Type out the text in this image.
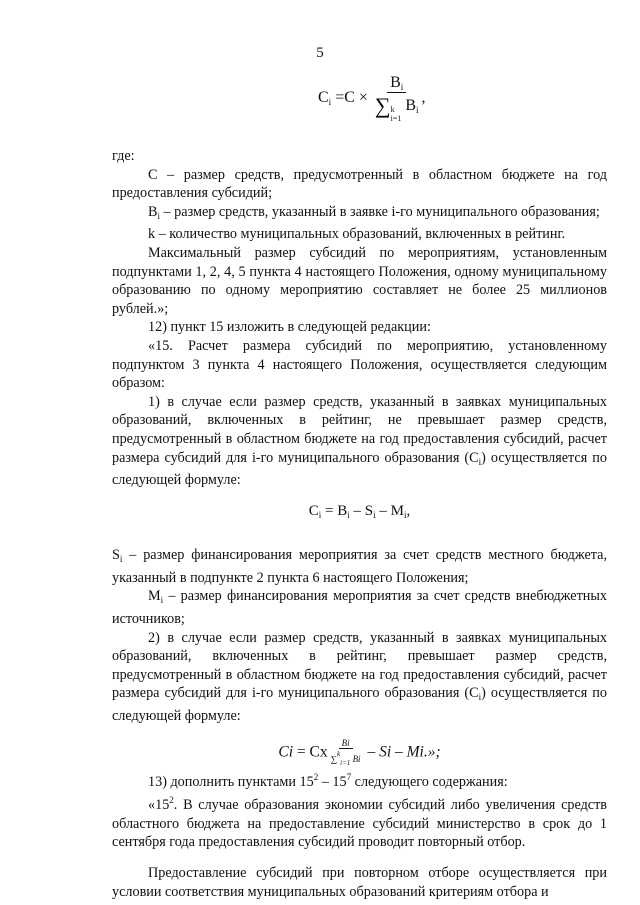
5
$C_i =C \times B_i$
∑ k
i=1
$B_i$ ,

где:

C – размер средств, предусмотренный в областном бюджете на год предоставления субсидий;

$B_i$ – размер средств, указанный в заявке i-го муниципального образования;

k – количество муниципальных образований, включенных в рейтинг.

Максимальный размер субсидий по мероприятиям, установленным подпунктами 1, 2, 4, 5 пункта 4 настоящего Положения, одному муниципальному образованию по одному мероприятию составляет не более 25 миллионов рублей.»;

12) пункт 15 изложить в следующей редакции:

«15. Расчет размера субсидий по мероприятию, установленному подпунктом 3 пункта 4 настоящего Положения, осуществляется следующим образом:

1) в случае если размер средств, указанный в заявках муниципальных образований, включенных в рейтинг, не превышает размер средств, предусмотренный в областном бюджете на год предоставления субсидий, расчет размера субсидий для i-го муниципального образования $(C_i)$ осуществляется по следующей формуле:

$C_i = B_i - S_i - M_i$,

$S_i$ – размер финансирования мероприятия за счет средств местного бюджета, указанный в подпункте 2 пункта 6 настоящего Положения;

$M_i$ – размер финансирования мероприятия за счет средств внебюджетных источников;

2) в случае если размер средств, указанный в заявках муниципальных образований, включенных в рейтинг, превышает размер средств, предусмотренный в областном бюджете на год предоставления субсидий, расчет размера субсидий для i-го муниципального образования $(C_i)$ осуществляется по следующей формуле:

Ci = Cx $\frac{Bi}{\sum^k_{i=1} Bi}$ – Si – Mi.»;

13) дополнить пунктами $15^2 - 15^7$ следующего содержания:

«$15^2$. В случае образования экономии субсидий либо увеличения средств областного бюджета на предоставление субсидий министерство в срок до 1 сентября года предоставления субсидий проводит повторный отбор.

Предоставление субсидий при повторном отборе осуществляется при условии соответствия муниципальных образований критериям отбора и
